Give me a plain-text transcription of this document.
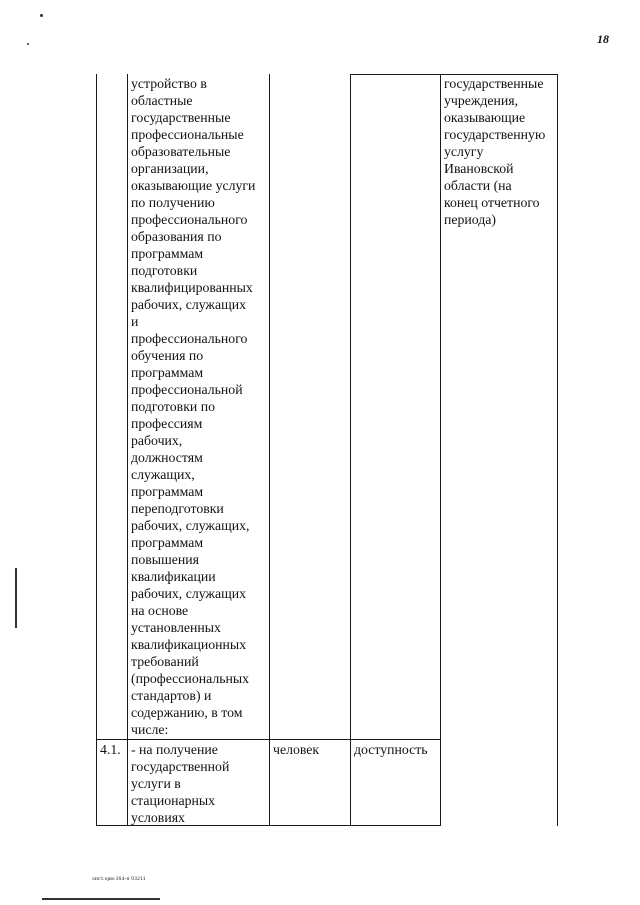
18
устройство в
областные
государственные
профессиональные
образовательные
организации,
оказывающие услуги
по получению
профессионального
образования по
программам
подготовки
квалифицированных
рабочих, служащих
и
профессионального
обучения по
программам
профессиональной
подготовки по
профессиям
рабочих,
должностям
служащих,
программам
переподготовки
рабочих, служащих,
программам
повышения
квалификации
рабочих, служащих
на основе
установленных
квалификационных
требований
(профессиональных
стандартов) и
содержанию, в том
числе:
государственные
учреждения,
оказывающие
государственную
услугу
Ивановской
области (на
конец отчетного
периода)
4.1. - на получение
государственной
услуги в
стационарных
условиях
человек	доступность
лист.хрм.164-п 93211
